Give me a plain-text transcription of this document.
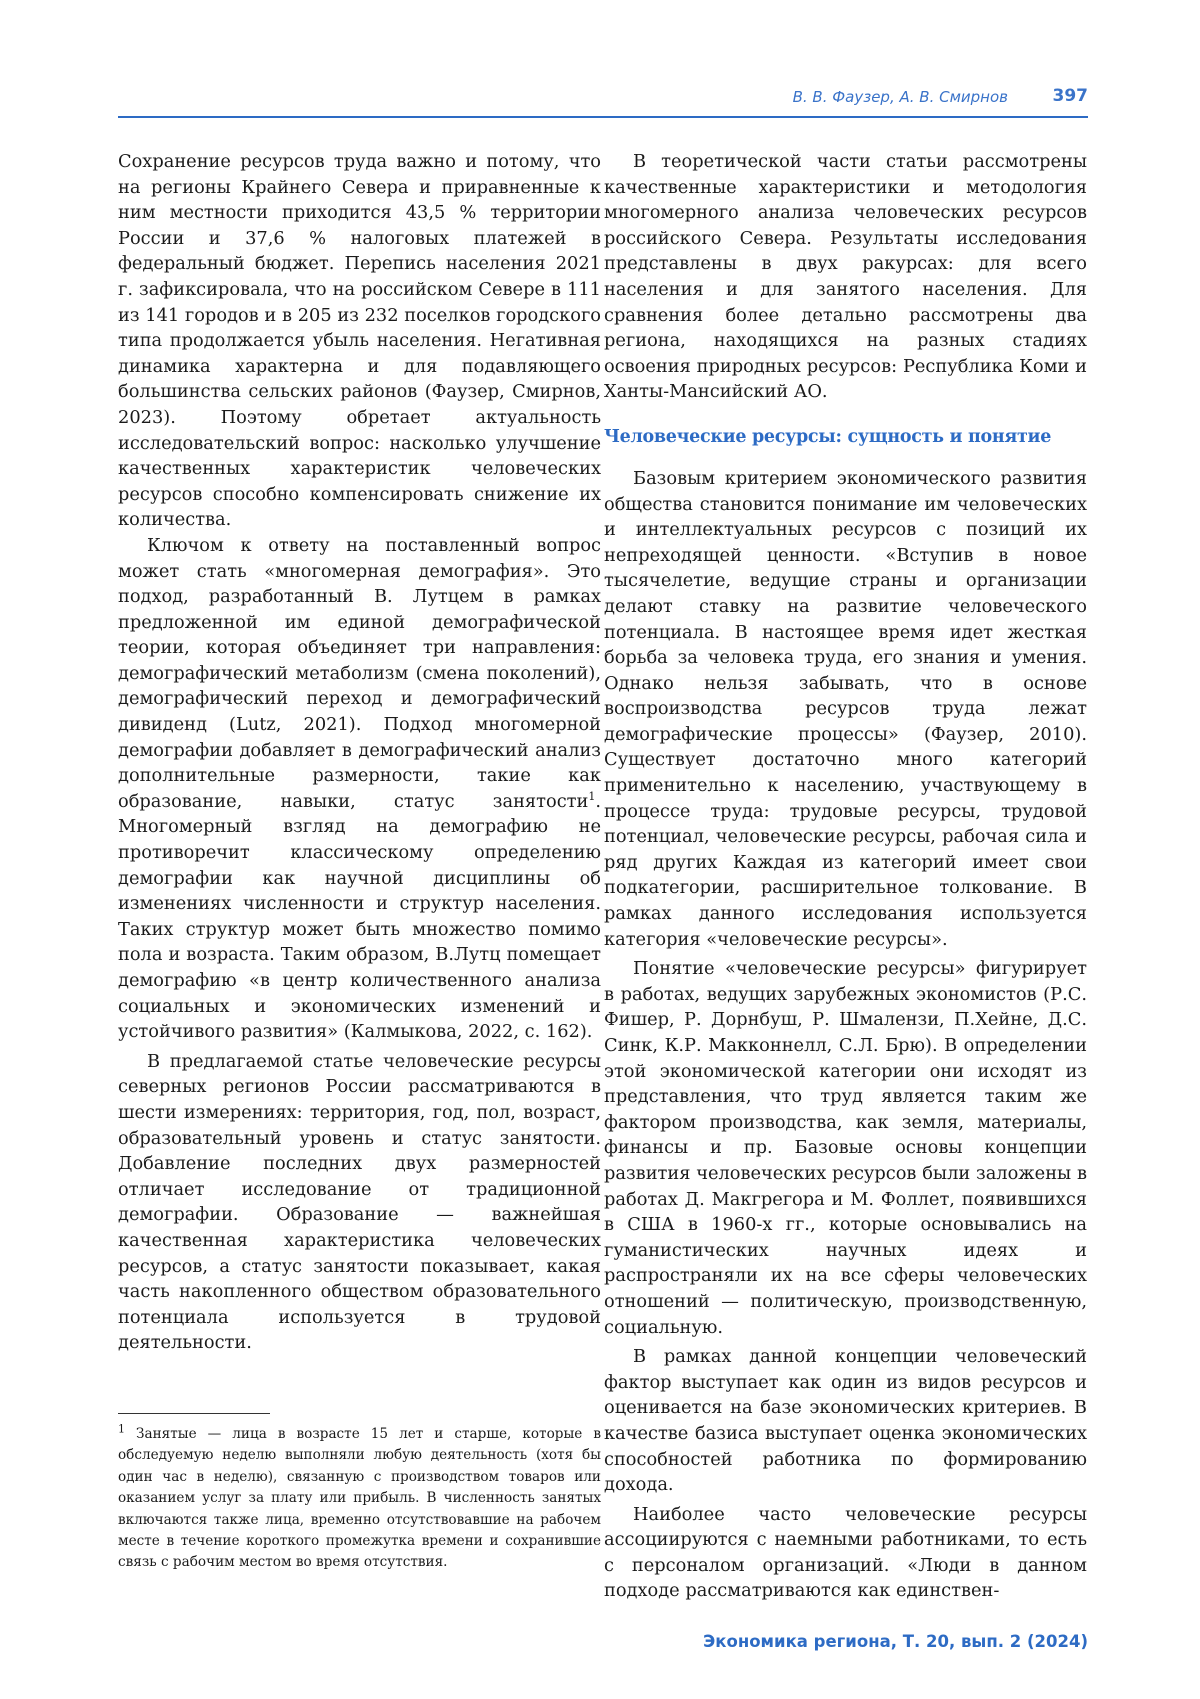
В. В. Фаузер, А. В. Смирнов	397

Сохранение ресурсов труда важно и потому, что на регионы Крайнего Севера и приравненные к ним местности приходится 43,5 % территории России и 37,6 % налоговых платежей в федеральный бюджет. Перепись населения 2021 г. зафиксировала, что на российском Севере в 111 из 141 городов и в 205 из 232 поселков городского типа продолжается убыль населения. Негативная динамика характерна и для подавляющего большинства сельских районов (Фаузер, Смирнов, 2023). Поэтому обретает актуальность исследовательский вопрос: насколько улучшение качественных характеристик человеческих ресурсов способно компенсировать снижение их количества.

Ключом к ответу на поставленный вопрос может стать «многомерная демография». Это подход, разработанный В. Лутцем в рамках предложенной им единой демографической теории, которая объединяет три направления: демографический метаболизм (смена поколений), демографический переход и демографический дивиденд (Lutz, 2021). Подход многомерной демографии добавляет в демографический анализ дополнительные размерности, такие как образование, навыки, статус занятости$^1$. Многомерный взгляд на демографию не противоречит классическому определению демографии как научной дисциплины об изменениях численности и структур населения. Таких структур может быть множество помимо пола и возраста. Таким образом, В.Лутц помещает демографию «в центр количественного анализа социальных и экономических изменений и устойчивого развития» (Калмыкова, 2022, с. 162).

В предлагаемой статье человеческие ресурсы северных регионов России рассматриваются в шести измерениях: территория, год, пол, возраст, образовательный уровень и статус занятости. Добавление последних двух размерностей отличает исследование от традиционной демографии. Образование — важнейшая качественная характеристика человеческих ресурсов, а статус занятости показывает, какая часть накопленного обществом образовательного потенциала используется в трудовой деятельности.

$^1$ Занятые — лица в возрасте 15 лет и старше, которые в обследуемую неделю выполняли любую деятельность (хотя бы один час в неделю), связанную с производством товаров или оказанием услуг за плату или прибыль. В численность занятых включаются также лица, временно отсутствовавшие на рабочем месте в течение короткого промежутка времени и сохранившие связь с рабочим местом во время отсутствия.

В теоретической части статьи рассмотрены качественные характеристики и методология многомерного анализа человеческих ресурсов российского Севера. Результаты исследования представлены в двух ракурсах: для всего населения и для занятого населения. Для сравнения более детально рассмотрены два региона, находящихся на разных стадиях освоения природных ресурсов: Республика Коми и Ханты-Мансийский АО.

Человеческие ресурсы: сущность и понятие

Базовым критерием экономического развития общества становится понимание им человеческих и интеллектуальных ресурсов с позиций их непреходящей ценности. «Вступив в новое тысячелетие, ведущие страны и организации делают ставку на развитие человеческого потенциала. В настоящее время идет жесткая борьба за человека труда, его знания и умения. Однако нельзя забывать, что в основе воспроизводства ресурсов труда лежат демографические процессы» (Фаузер, 2010). Существует достаточно много категорий применительно к населению, участвующему в процессе труда: трудовые ресурсы, трудовой потенциал, человеческие ресурсы, рабочая сила и ряд других Каждая из категорий имеет свои подкатегории, расширительное толкование. В рамках данного исследования используется категория «человеческие ресурсы».

Понятие «человеческие ресурсы» фигурирует в работах, ведущих зарубежных экономистов (Р.С. Фишер, Р. Дорнбуш, Р. Шмалензи, П.Хейне, Д.С. Синк, К.Р. Макконнелл, С.Л. Брю). В определении этой экономической категории они исходят из представления, что труд является таким же фактором производства, как земля, материалы, финансы и пр. Базовые основы концепции развития человеческих ресурсов были заложены в работах Д. Макгрегора и М. Фоллет, появившихся в США в 1960-х гг., которые основывались на гуманистических научных идеях и распространяли их на все сферы человеческих отношений — политическую, производственную, социальную.

В рамках данной концепции человеческий фактор выступает как один из видов ресурсов и оценивается на базе экономических критериев. В качестве базиса выступает оценка экономических способностей работника по формированию дохода.

Наиболее часто человеческие ресурсы ассоциируются с наемными работниками, то есть с персоналом организаций. «Люди в данном подходе рассматриваются как единствен-

Экономика региона, Т. 20, вып. 2 (2024)
